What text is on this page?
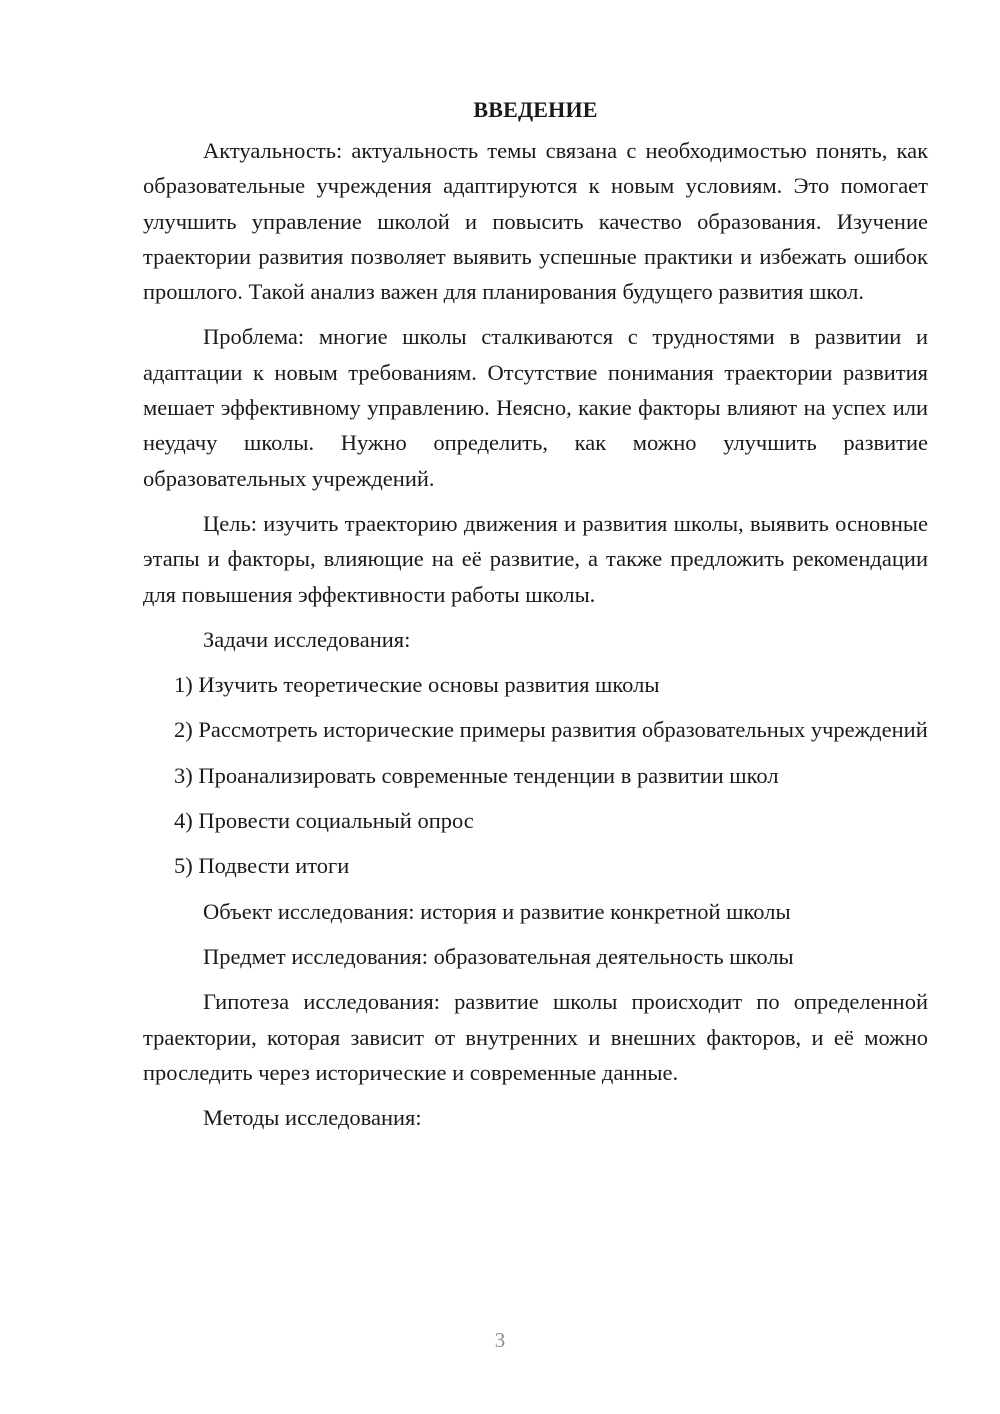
ВВЕДЕНИЕ

Актуальность: актуальность темы связана с необходимостью понять, как образовательные учреждения адаптируются к новым условиям. Это помогает улучшить управление школой и повысить качество образования. Изучение траектории развития позволяет выявить успешные практики и избежать ошибок прошлого. Такой анализ важен для планирования будущего развития школ.

Проблема: многие школы сталкиваются с трудностями в развитии и адаптации к новым требованиям. Отсутствие понимания траектории развития мешает эффективному управлению. Неясно, какие факторы влияют на успех или неудачу школы. Нужно определить, как можно улучшить развитие образовательных учреждений.

Цель: изучить траекторию движения и развития школы, выявить основные этапы и факторы, влияющие на её развитие, а также предложить рекомендации для повышения эффективности работы школы.

Задачи исследования:

1) Изучить теоретические основы развития школы

2) Рассмотреть исторические примеры развития образовательных учреждений

3) Проанализировать современные тенденции в развитии школ

4) Провести социальный опрос

5) Подвести итоги

Объект исследования: история и развитие конкретной школы

Предмет исследования: образовательная деятельность школы

Гипотеза исследования: развитие школы происходит по определенной траектории, которая зависит от внутренних и внешних факторов, и её можно проследить через исторические и современные данные.

Методы исследования:

3
